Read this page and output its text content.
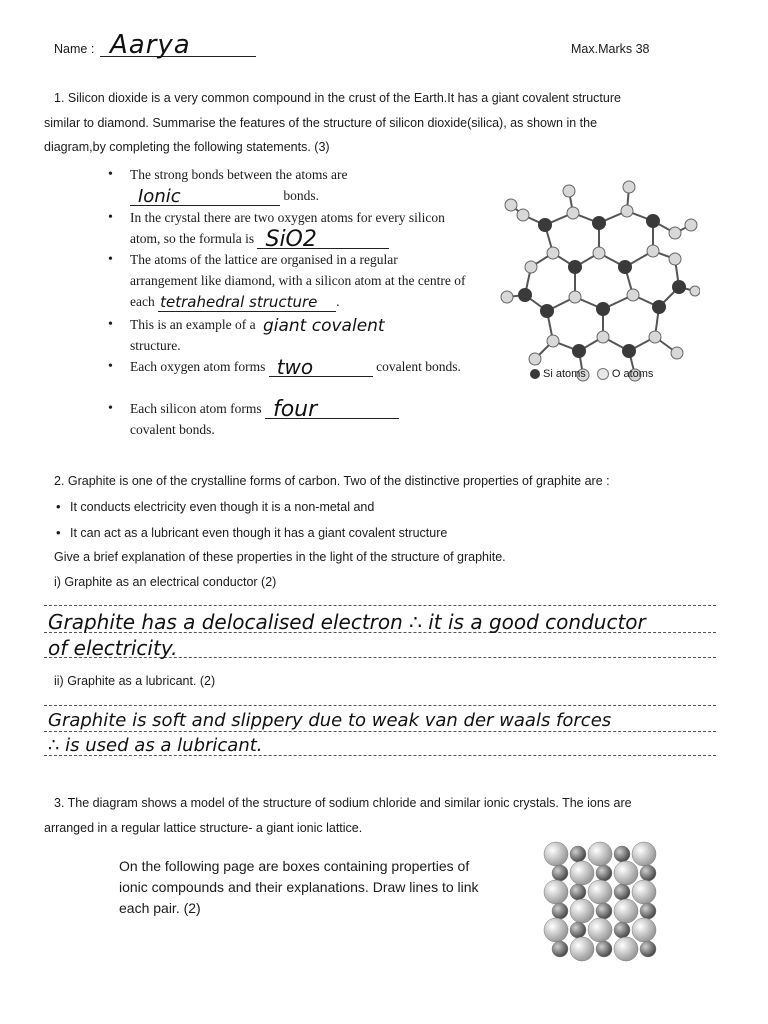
Name : Aarya	Max.Marks 38
1. Silicon dioxide is a very common compound in the crust of the Earth.It has a giant covalent structure
similar to diamond. Summarise the features of the structure of silicon dioxide(silica), as shown in the
diagram,by completing the following statements. (3)
• The strong bonds between the atoms are

Ionic	bonds.
• In the crystal there are two oxygen atoms for every silicon atom, so the formula is SiO2
• The atoms of the lattice are organised in a regular arrangement like diamond, with a silicon atom at the centre of each tetrahedral structure .
• This is an example of a giant covalent

structure.
• Each oxygen atom forms two	covalent bonds.
• Each silicon atom forms four

covalent bonds.
Si atoms O atoms
2. Graphite is one of the crystalline forms of carbon. Two of the distinctive properties of graphite are :
• It conducts electricity even though it is a non-metal and
• It can act as a lubricant even though it has a giant covalent structure
Give a brief explanation of these properties in the light of the structure of graphite.
i) Graphite as an electrical conductor (2)
Graphite has a delocalised electron ∴ it is a good conductor
of electricity.
ii) Graphite as a lubricant. (2)
Graphite is soft and slippery due to weak van der waals forces
∴ is used as a lubricant.
3. The diagram shows a model of the structure of sodium chloride and similar ionic crystals. The ions are
arranged in a regular lattice structure- a giant ionic lattice.
On the following page are boxes containing properties of
ionic compounds and their explanations. Draw lines to link
each pair. (2)
